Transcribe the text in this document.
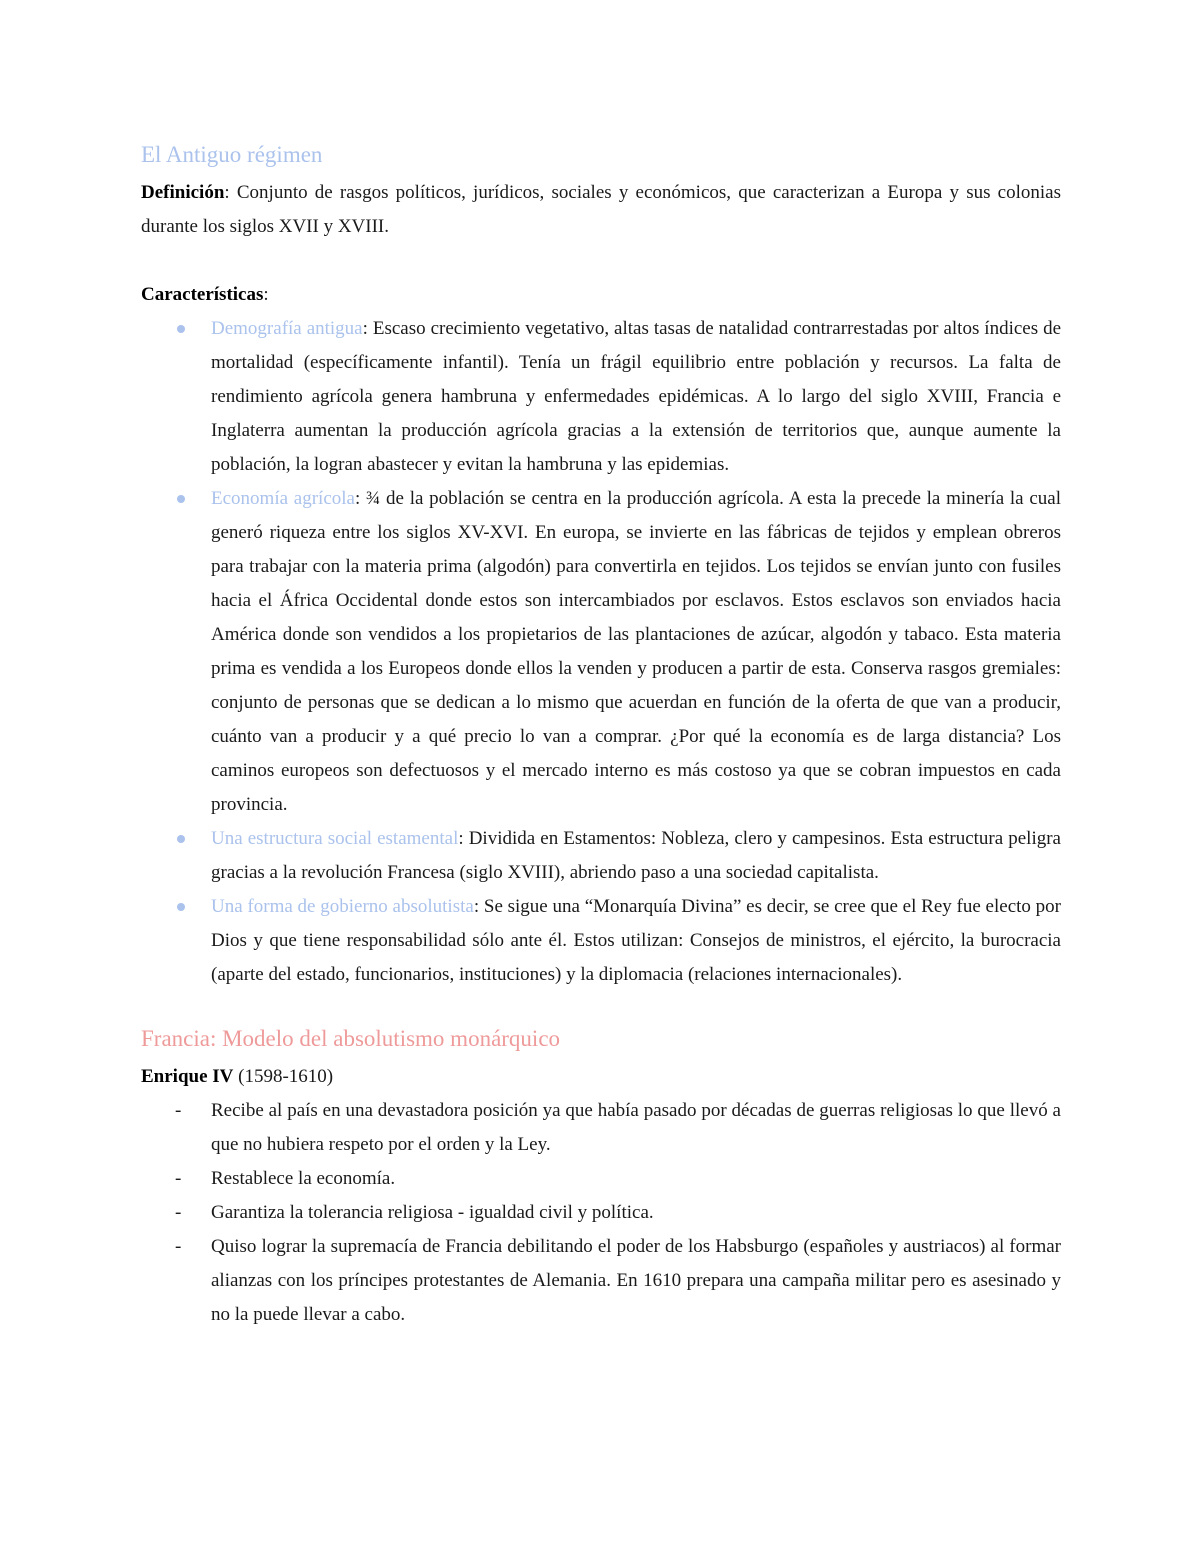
El Antiguo régimen

Definición: Conjunto de rasgos políticos, jurídicos, sociales y económicos, que caracterizan a Europa y sus colonias durante los siglos XVII y XVIII.

Características:

Demografía antigua: Escaso crecimiento vegetativo, altas tasas de natalidad contrarrestadas por altos índices de mortalidad (específicamente infantil). Tenía un frágil equilibrio entre población y recursos. La falta de rendimiento agrícola genera hambruna y enfermedades epidémicas. A lo largo del siglo XVIII, Francia e Inglaterra aumentan la producción agrícola gracias a la extensión de territorios que, aunque aumente la población, la logran abastecer y evitan la hambruna y las epidemias.
Economía agrícola: ¾ de la población se centra en la producción agrícola. A esta la precede la minería la cual generó riqueza entre los siglos XV-XVI. En europa, se invierte en las fábricas de tejidos y emplean obreros para trabajar con la materia prima (algodón) para convertirla en tejidos. Los tejidos se envían junto con fusiles hacia el África Occidental donde estos son intercambiados por esclavos. Estos esclavos son enviados hacia América donde son vendidos a los propietarios de las plantaciones de azúcar, algodón y tabaco. Esta materia prima es vendida a los Europeos donde ellos la venden y producen a partir de esta. Conserva rasgos gremiales: conjunto de personas que se dedican a lo mismo que acuerdan en función de la oferta de que van a producir, cuánto van a producir y a qué precio lo van a comprar. ¿Por qué la economía es de larga distancia? Los caminos europeos son defectuosos y el mercado interno es más costoso ya que se cobran impuestos en cada provincia.
Una estructura social estamental: Dividida en Estamentos: Nobleza, clero y campesinos. Esta estructura peligra gracias a la revolución Francesa (siglo XVIII), abriendo paso a una sociedad capitalista.
Una forma de gobierno absolutista: Se sigue una “Monarquía Divina” es decir, se cree que el Rey fue electo por Dios y que tiene responsabilidad sólo ante él. Estos utilizan: Consejos de ministros, el ejército, la burocracia (aparte del estado, funcionarios, instituciones) y la diplomacia (relaciones internacionales).
Francia: Modelo del absolutismo monárquico

Enrique IV (1598-1610)

- Recibe al país en una devastadora posición ya que había pasado por décadas de guerras religiosas lo que llevó a que no hubiera respeto por el orden y la Ley.
- Restablece la economía.
- Garantiza la tolerancia religiosa - igualdad civil y política.
- Quiso lograr la supremacía de Francia debilitando el poder de los Habsburgo (españoles y austriacos) al formar alianzas con los príncipes protestantes de Alemania. En 1610 prepara una campaña militar pero es asesinado y no la puede llevar a cabo.
